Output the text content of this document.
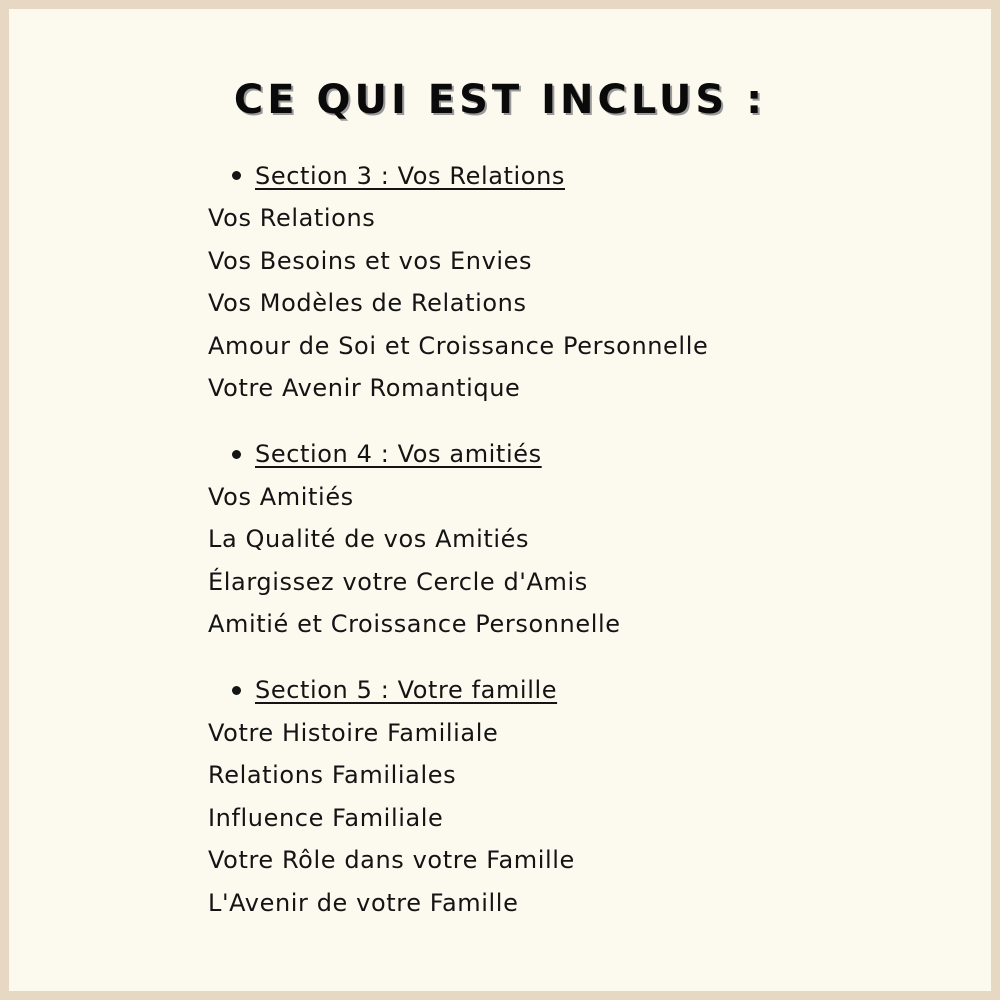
CE QUI EST INCLUS :
Section 3 : Vos Relations
Vos Relations
Vos Besoins et vos Envies
Vos Modèles de Relations
Amour de Soi et Croissance Personnelle
Votre Avenir Romantique
Section 4 : Vos amitiés
Vos Amitiés
La Qualité de vos Amitiés
Élargissez votre Cercle d'Amis
Amitié et Croissance Personnelle
Section 5 : Votre famille
Votre Histoire Familiale
Relations Familiales
Influence Familiale
Votre Rôle dans votre Famille
L'Avenir de votre Famille
